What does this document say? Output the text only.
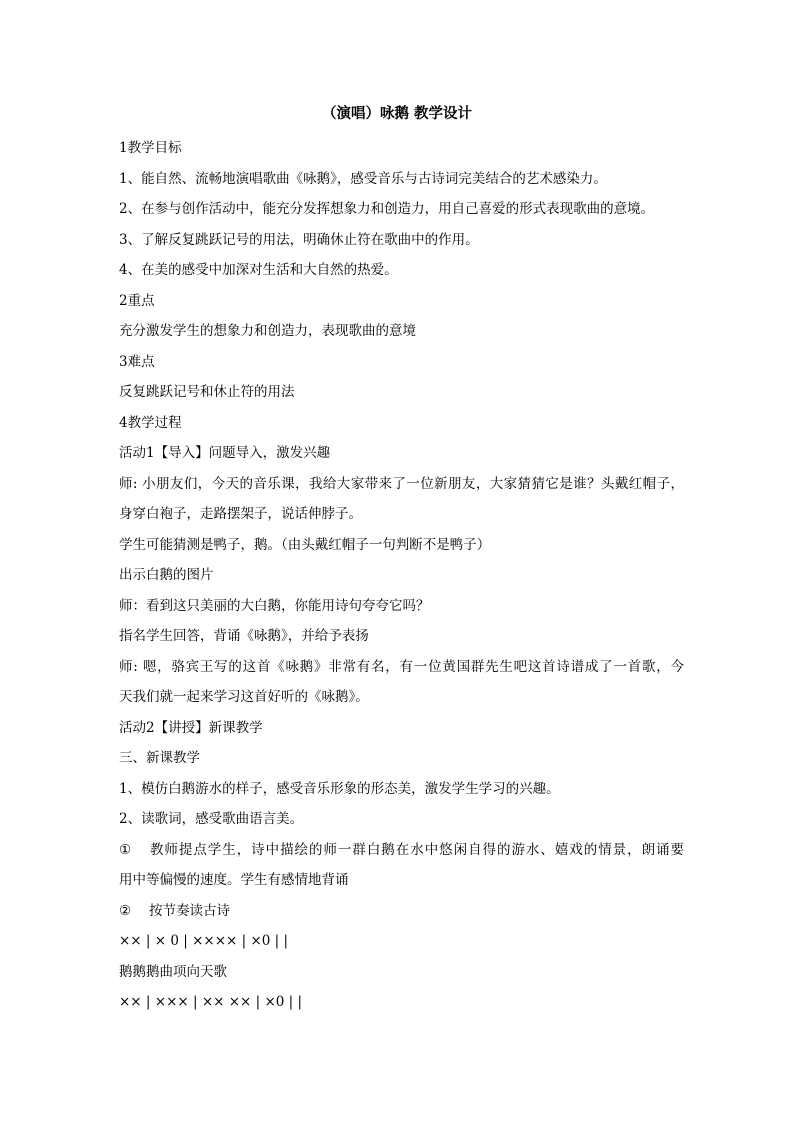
（演唱）咏鹅 教学设计
1教学目标
1、能自然、流畅地演唱歌曲《咏鹅》，感受音乐与古诗词完美结合的艺术感染力。
2、在参与创作活动中，能充分发挥想象力和创造力，用自己喜爱的形式表现歌曲的意境。
3、了解反复跳跃记号的用法，明确休止符在歌曲中的作用。
4、在美的感受中加深对生活和大自然的热爱。
2重点
充分激发学生的想象力和创造力，表现歌曲的意境
3难点
反复跳跃记号和休止符的用法
4教学过程
活动1【导入】问题导入，激发兴趣
师: 小朋友们，今天的音乐课，我给大家带来了一位新朋友，大家猜猜它是谁？头戴红帽子，
身穿白袍子，走路摆架子，说话伸脖子。
学生可能猜测是鸭子，鹅。（由头戴红帽子一句判断不是鸭子）
出示白鹅的图片
师：看到这只美丽的大白鹅，你能用诗句夸夸它吗？
指名学生回答，背诵《咏鹅》，并给予表扬
师: 嗯，骆宾王写的这首《咏鹅》非常有名，有一位黄国群先生吧这首诗谱成了一首歌，今
天我们就一起来学习这首好听的《咏鹅》。
活动2【讲授】新课教学
三、新课教学
1、模仿白鹅游水的样子，感受音乐形象的形态美，激发学生学习的兴趣。
2、读歌词，感受歌曲语言美。
① 教师提点学生，诗中描绘的师一群白鹅在水中悠闲自得的游水、嬉戏的情景，朗诵要
用中等偏慢的速度。学生有感情地背诵
② 按节奏读古诗
×× | × 0 | ×××× | ×0 | |
鹅鹅鹅曲项向天歌
×× | ××× | ×× ×× | ×0 | |
